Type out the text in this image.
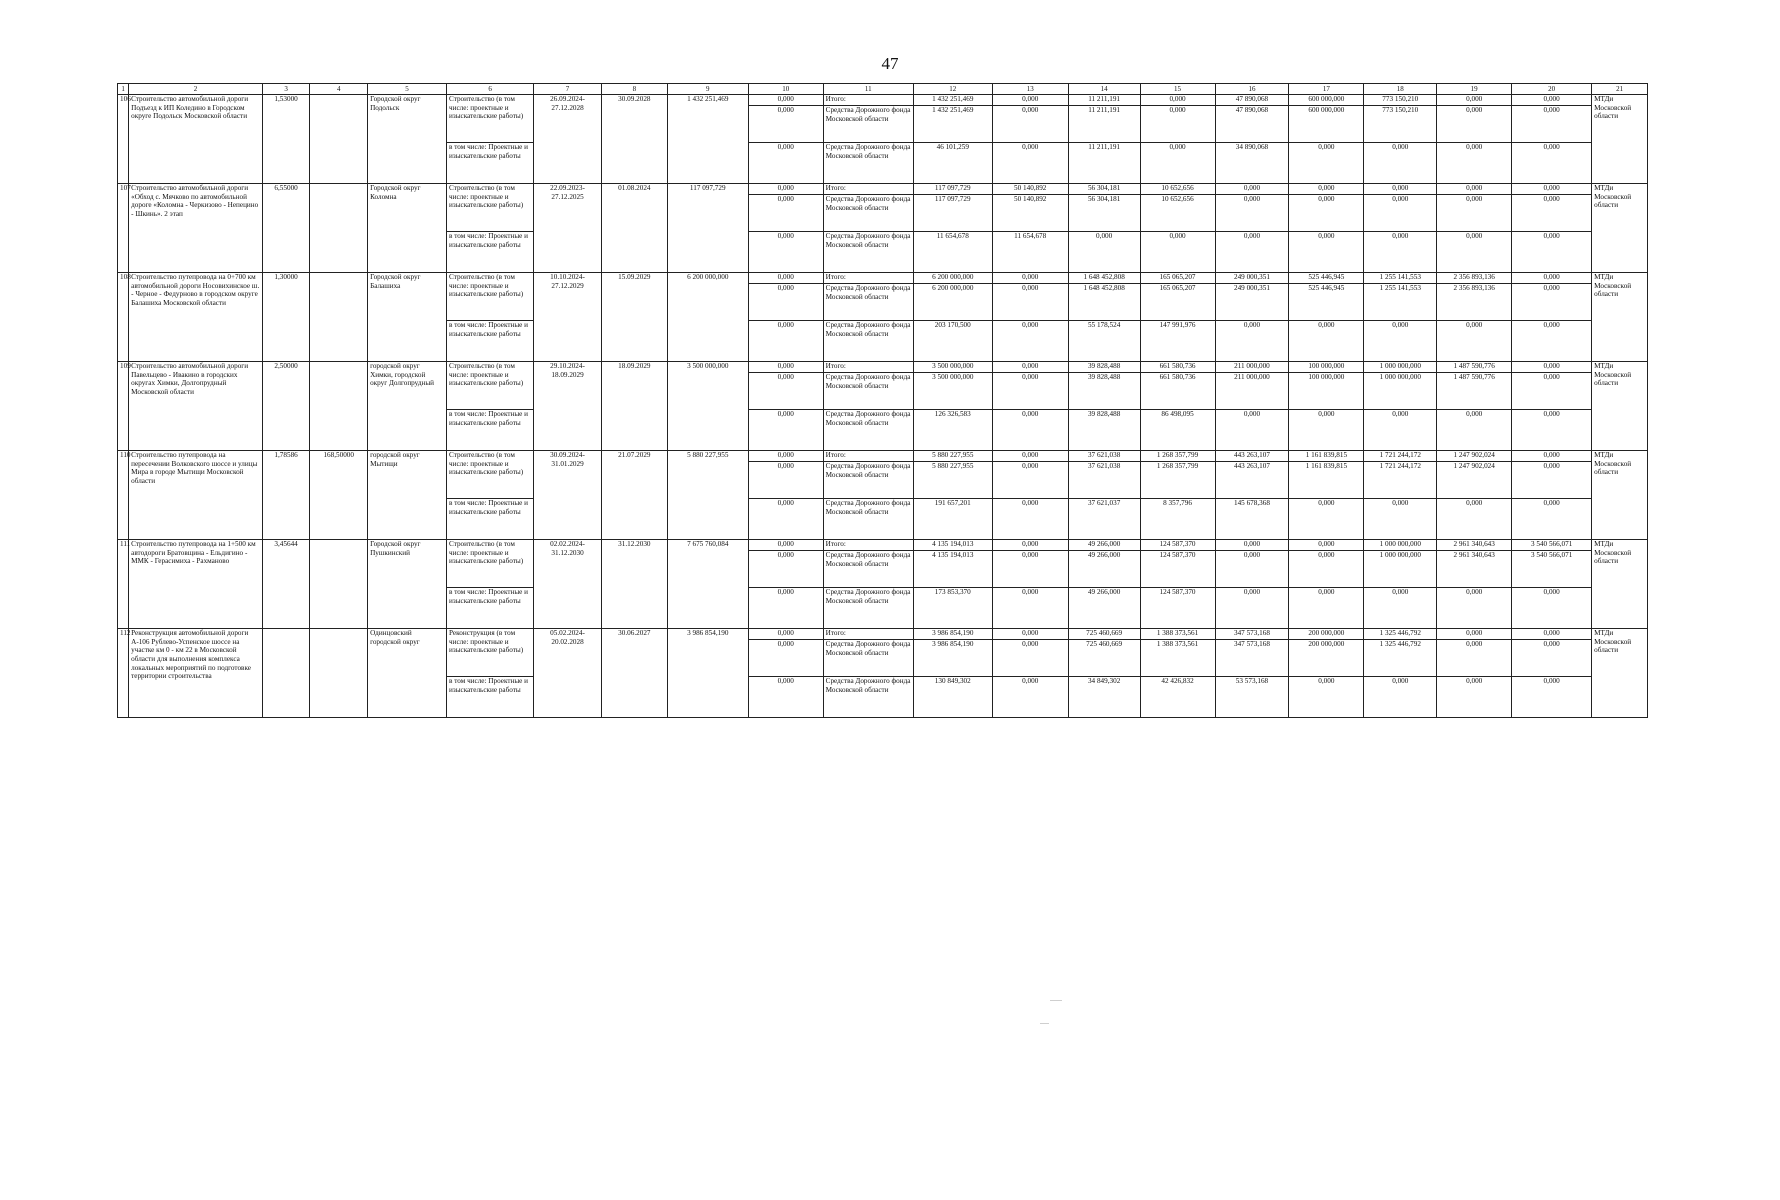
47
1	2	3	4	5	6	7	8	9	10	11	12	13	14	15	16	17	18	19	20	21
106	Строительство автомобильной дороги Подъезд к ИП Коледино в Городском округе Подольск Московской области	1,53000		Городской округ Подольск	Строительство (в том числе: проектные и изыскательские работы)	26.09.2024-27.12.2028	30.09.2028	1 432 251,469	0,000	Итого:	1 432 251,469	0,000	11 211,191	0,000	47 890,068	600 000,000	773 150,210	0,000	0,000	МТДи Московской области
									0,000	Средства Дорожного фонда Московской области	1 432 251,469	0,000	11 211,191	0,000	47 890,068	600 000,000	773 150,210	0,000	0,000	
					в том числе: Проектные и изыскательские работы				0,000	Средства Дорожного фонда Московской области	46 101,259	0,000	11 211,191	0,000	34 890,068	0,000	0,000	0,000	0,000	
107	Строительство автомобильной дороги «Обход с. Мячково по автомобильной дороге «Коломна - Черкизово - Непецино - Шкинь». 2 этап	6,55000		Городской округ Коломна	Строительство (в том числе: проектные и изыскательские работы)	22.09.2023-27.12.2025	01.08.2024	117 097,729	0,000	Итого:	117 097,729	50 140,892	56 304,181	10 652,656	0,000	0,000	0,000	0,000	0,000	МТДи Московской области
									0,000	Средства Дорожного фонда Московской области	117 097,729	50 140,892	56 304,181	10 652,656	0,000	0,000	0,000	0,000	0,000	
					в том числе: Проектные и изыскательские работы				0,000	Средства Дорожного фонда Московской области	11 654,678	11 654,678	0,000	0,000	0,000	0,000	0,000	0,000	0,000	
108	Строительство путепровода на 0+700 км автомобильной дороги Носовихинское ш. - Черное - Федурново в городском округе Балашиха Московской области	1,30000		Городской округ Балашиха	Строительство (в том числе: проектные и изыскательские работы)	10.10.2024-27.12.2029	15.09.2029	6 200 000,000	0,000	Итого:	6 200 000,000	0,000	1 648 452,808	165 065,207	249 000,351	525 446,945	1 255 141,553	2 356 893,136	0,000	МТДи Московской области
									0,000	Средства Дорожного фонда Московской области	6 200 000,000	0,000	1 648 452,808	165 065,207	249 000,351	525 446,945	1 255 141,553	2 356 893,136	0,000	
					в том числе: Проектные и изыскательские работы				0,000	Средства Дорожного фонда Московской области	203 170,500	0,000	55 178,524	147 991,976	0,000	0,000	0,000	0,000	0,000	
109	Строительство автомобильной дороги Павельцево - Ивакино в городских округах Химки, Долгопрудный Московской области	2,50000		городской округ Химки, городской округ Долгопрудный	Строительство (в том числе: проектные и изыскательские работы)	29.10.2024-18.09.2029	18.09.2029	3 500 000,000	0,000	Итого:	3 500 000,000	0,000	39 828,488	661 580,736	211 000,000	100 000,000	1 000 000,000	1 487 590,776	0,000	МТДи Московской области
									0,000	Средства Дорожного фонда Московской области	3 500 000,000	0,000	39 828,488	661 580,736	211 000,000	100 000,000	1 000 000,000	1 487 590,776	0,000	
					в том числе: Проектные и изыскательские работы				0,000	Средства Дорожного фонда Московской области	126 326,583	0,000	39 828,488	86 498,095	0,000	0,000	0,000	0,000	0,000	
110	Строительство путепровода на пересечении Волковского шоссе и улицы Мира в городе Мытищи Московской области	1,78586	168,50000	городской округ Мытищи	Строительство (в том числе: проектные и изыскательские работы)	30.09.2024-31.01.2029	21.07.2029	5 880 227,955	0,000	Итого:	5 880 227,955	0,000	37 621,038	1 268 357,799	443 263,107	1 161 839,815	1 721 244,172	1 247 902,024	0,000	МТДи Московской области
									0,000	Средства Дорожного фонда Московской области	5 880 227,955	0,000	37 621,038	1 268 357,799	443 263,107	1 161 839,815	1 721 244,172	1 247 902,024	0,000	
					в том числе: Проектные и изыскательские работы				0,000	Средства Дорожного фонда Московской области	191 657,201	0,000	37 621,037	8 357,796	145 678,368	0,000	0,000	0,000	0,000	
111	Строительство путепровода на 1+500 км автодороги Братовщина - Ельдигино - ММК - Герасимиха - Рахманово	3,45644		Городской округ Пушкинский	Строительство (в том числе: проектные и изыскательские работы)	02.02.2024-31.12.2030	31.12.2030	7 675 760,084	0,000	Итого:	4 135 194,013	0,000	49 266,000	124 587,370	0,000	0,000	1 000 000,000	2 961 340,643	3 540 566,071	МТДи Московской области
									0,000	Средства Дорожного фонда Московской области	4 135 194,013	0,000	49 266,000	124 587,370	0,000	0,000	1 000 000,000	2 961 340,643	3 540 566,071	
					в том числе: Проектные и изыскательские работы				0,000	Средства Дорожного фонда Московской области	173 853,370	0,000	49 266,000	124 587,370	0,000	0,000	0,000	0,000	0,000	
112	Реконструкция автомобильной дороги А-106 Рублево-Успенское шоссе на участке км 0 - км 22 в Московской области для выполнения комплекса локальных мероприятий по подготовке территории строительства			Одинцовский городской округ	Реконструкция (в том числе: проектные и изыскательские работы)	05.02.2024-20.02.2028	30.06.2027	3 986 854,190	0,000	Итого:	3 986 854,190	0,000	725 460,669	1 388 373,561	347 573,168	200 000,000	1 325 446,792	0,000	0,000	МТДи Московской области
									0,000	Средства Дорожного фонда Московской области	3 986 854,190	0,000	725 460,669	1 388 373,561	347 573,168	200 000,000	1 325 446,792	0,000	0,000	
					в том числе: Проектные и изыскательские работы				0,000	Средства Дорожного фонда Московской области	130 849,302	0,000	34 849,302	42 426,832	53 573,168	0,000	0,000	0,000	0,000	
